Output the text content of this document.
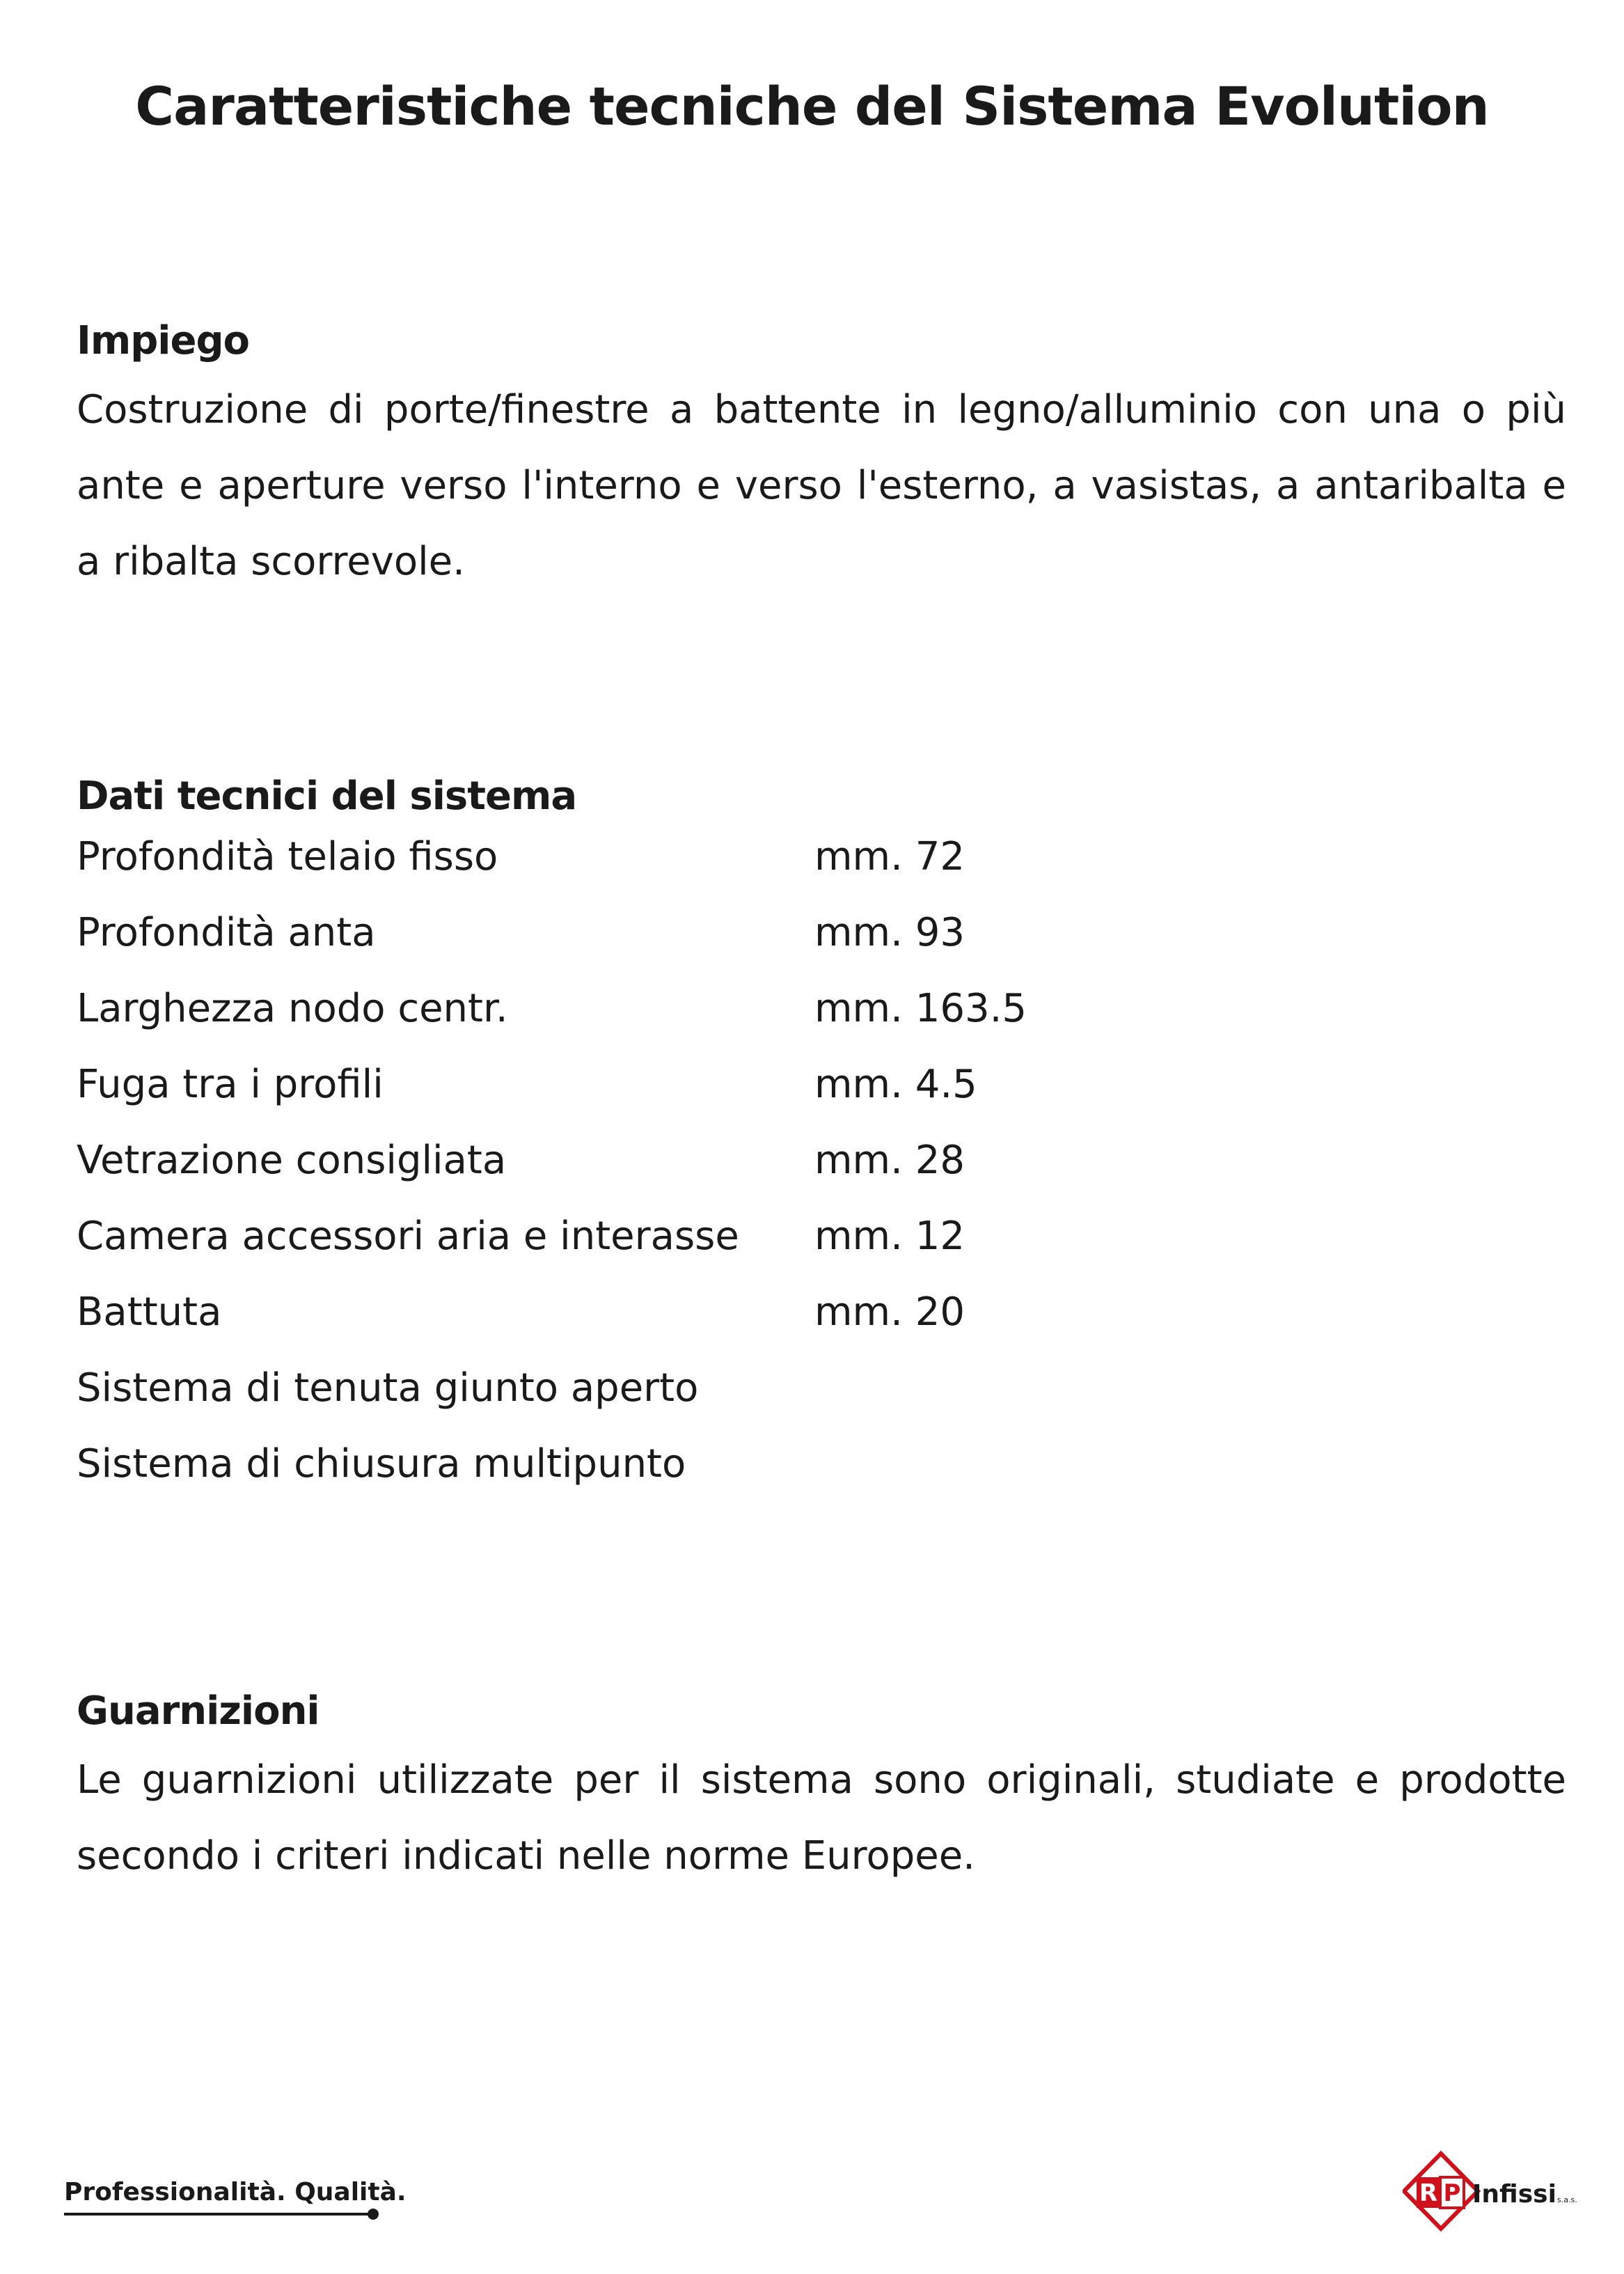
Caratteristiche tecniche del Sistema Evolution
Impiego

Costruzione di porte/finestre a battente in legno/alluminio con una o più ante e aperture verso l'interno e verso l'esterno, a vasistas, a antaribalta e a ribalta scorrevole.

Dati tecnici del sistema
Profondità telaio fisso	mm. 72
Profondità anta	mm. 93
Larghezza nodo centr.	mm. 163.5
Fuga tra i profili	mm. 4.5
Vetrazione consigliata	mm. 28
Camera accessori aria e interasse	mm. 12
Battuta	mm. 20
Sistema di tenuta giunto aperto
Sistema di chiusura multipunto
Guarnizioni

Le guarnizioni utilizzate per il sistema sono originali, studiate e prodotte secondo i criteri indicati nelle norme Europee.

Professionalità. Qualità.	R P Infissi s.a.s.
